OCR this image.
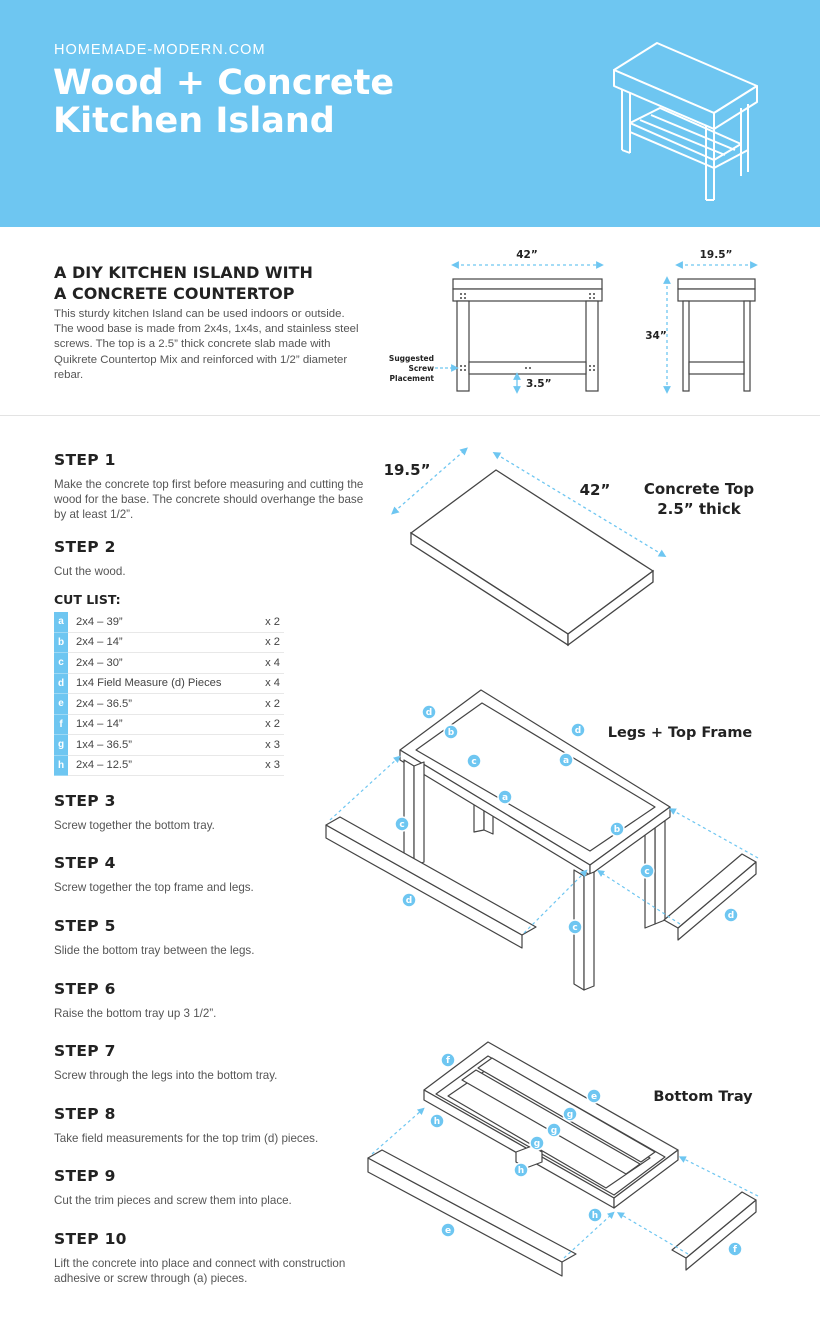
HOMEMADE-MODERN.COM
Wood + Concrete
Kitchen Island
A DIY KITCHEN ISLAND WITH
A CONCRETE COUNTERTOP
This sturdy kitchen Island can be used indoors or outside. The wood base is made from 2x4s, 1x4s, and stainless steel screws. The top is a 2.5” thick concrete slab made with Quikrete Countertop Mix and reinforced with 1/2” diameter rebar.
STEP 1
Make the concrete top first before measuring and cutting the wood for the base. The concrete should overhange the base by at least 1/2”.
STEP 2
Cut the wood.
CUT LIST:
a	2x4 – 39”	x 2
b	2x4 – 14”	x 2
c	2x4 – 30”	x 4
d	1x4 Field Measure (d) Pieces	x 4
e	2x4 – 36.5”	x 2
f	1x4 – 14”	x 2
g	1x4 – 36.5”	x 3
h	2x4 – 12.5”	x 3
STEP 3
Screw together the bottom tray.
STEP 4
Screw together the top frame and legs.
STEP 5
Slide the bottom tray between the legs.
STEP 6
Raise the bottom tray up 3 1/2”.
STEP 7
Screw through the legs into the bottom tray.
STEP 8
Take field measurements for the top trim (d) pieces.
STEP 9
Cut the trim pieces and screw them into place.
STEP 10
Lift the concrete into place and connect with construction adhesive or screw through (a) pieces.
42”
3.5”
Suggested
Screw
Placement
19.5”
34”
19.5”
42” Concrete Top
2.5” thick
d
b
c
d
a
a
b
c
c
d
c
d
Legs + Top Frame
f
e
g
h
g
g
h
h
e
f
Bottom Tray
